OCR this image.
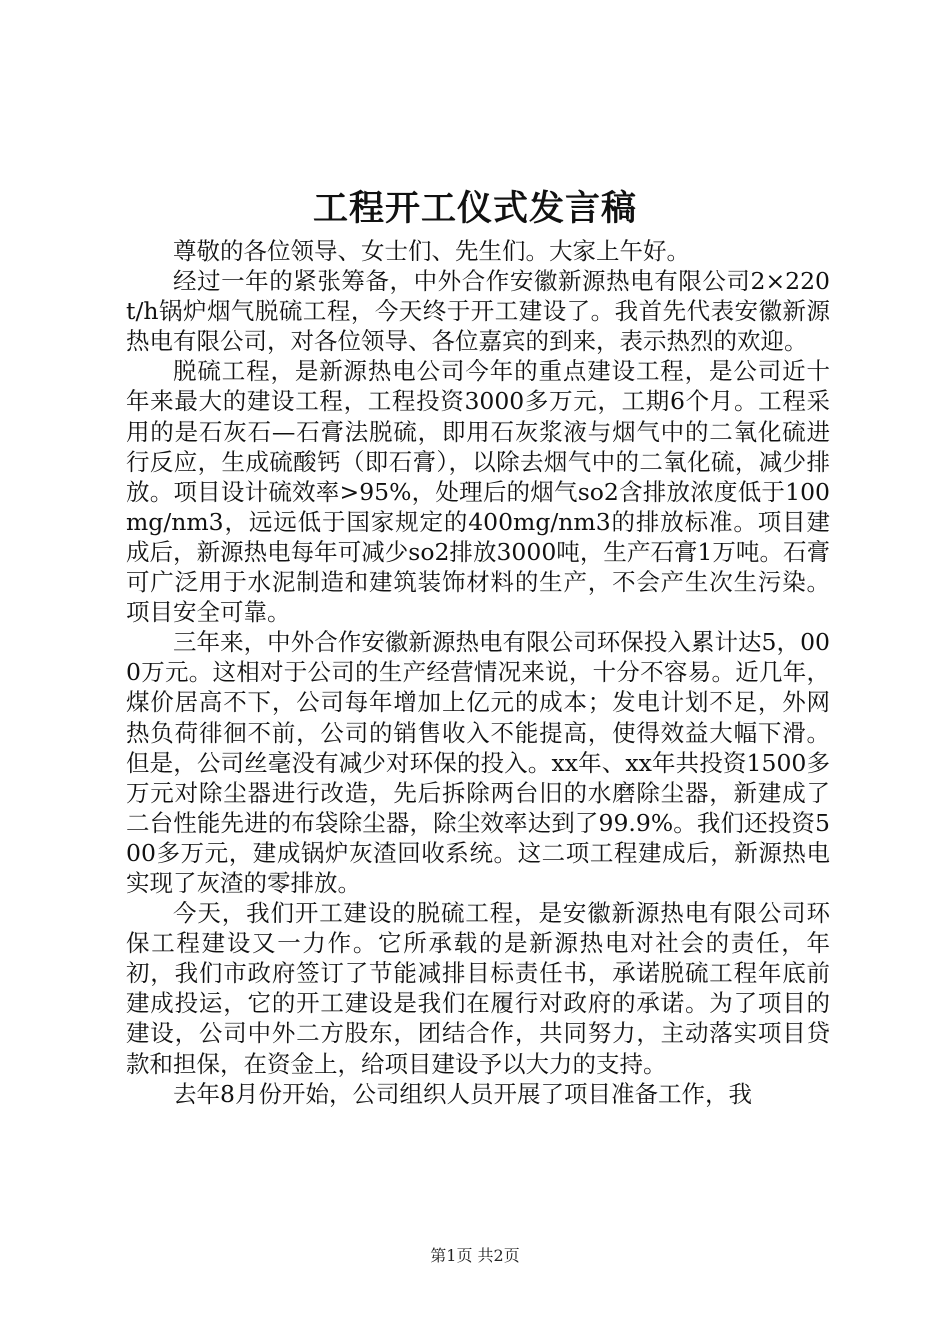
工程开工仪式发言稿

尊敬的各位领导、女士们、先生们。大家上午好。

经过一年的紧张筹备，中外合作安徽新源热电有限公司2×220t/h锅炉烟气脱硫工程，今天终于开工建设了。我首先代表安徽新源热电有限公司，对各位领导、各位嘉宾的到来，表示热烈的欢迎。

脱硫工程，是新源热电公司今年的重点建设工程，是公司近十年来最大的建设工程，工程投资3000多万元，工期6个月。工程采用的是石灰石—石膏法脱硫，即用石灰浆液与烟气中的二氧化硫进行反应，生成硫酸钙（即石膏），以除去烟气中的二氧化硫，减少排放。项目设计硫效率>95%，处理后的烟气so2含排放浓度低于100mg/nm3，远远低于国家规定的400mg/nm3的排放标准。项目建成后，新源热电每年可减少so2排放3000吨，生产石膏1万吨。石膏可广泛用于水泥制造和建筑装饰材料的生产，不会产生次生污染。项目安全可靠。

三年来，中外合作安徽新源热电有限公司环保投入累计达5，000万元。这相对于公司的生产经营情况来说，十分不容易。近几年，煤价居高不下，公司每年增加上亿元的成本；发电计划不足，外网热负荷徘徊不前，公司的销售收入不能提高，使得效益大幅下滑。但是，公司丝毫没有减少对环保的投入。xx年、xx年共投资1500多万元对除尘器进行改造，先后拆除两台旧的水磨除尘器，新建成了二台性能先进的布袋除尘器，除尘效率达到了99.9%。我们还投资500多万元，建成锅炉灰渣回收系统。这二项工程建成后，新源热电实现了灰渣的零排放。

今天，我们开工建设的脱硫工程，是安徽新源热电有限公司环保工程建设又一力作。它所承载的是新源热电对社会的责任，年初，我们市政府签订了节能减排目标责任书，承诺脱硫工程年底前建成投运，它的开工建设是我们在履行对政府的承诺。为了项目的建设，公司中外二方股东，团结合作，共同努力，主动落实项目贷款和担保，在资金上，给项目建设予以大力的支持。

去年8月份开始，公司组织人员开展了项目准备工作，我

第1页 共2页
